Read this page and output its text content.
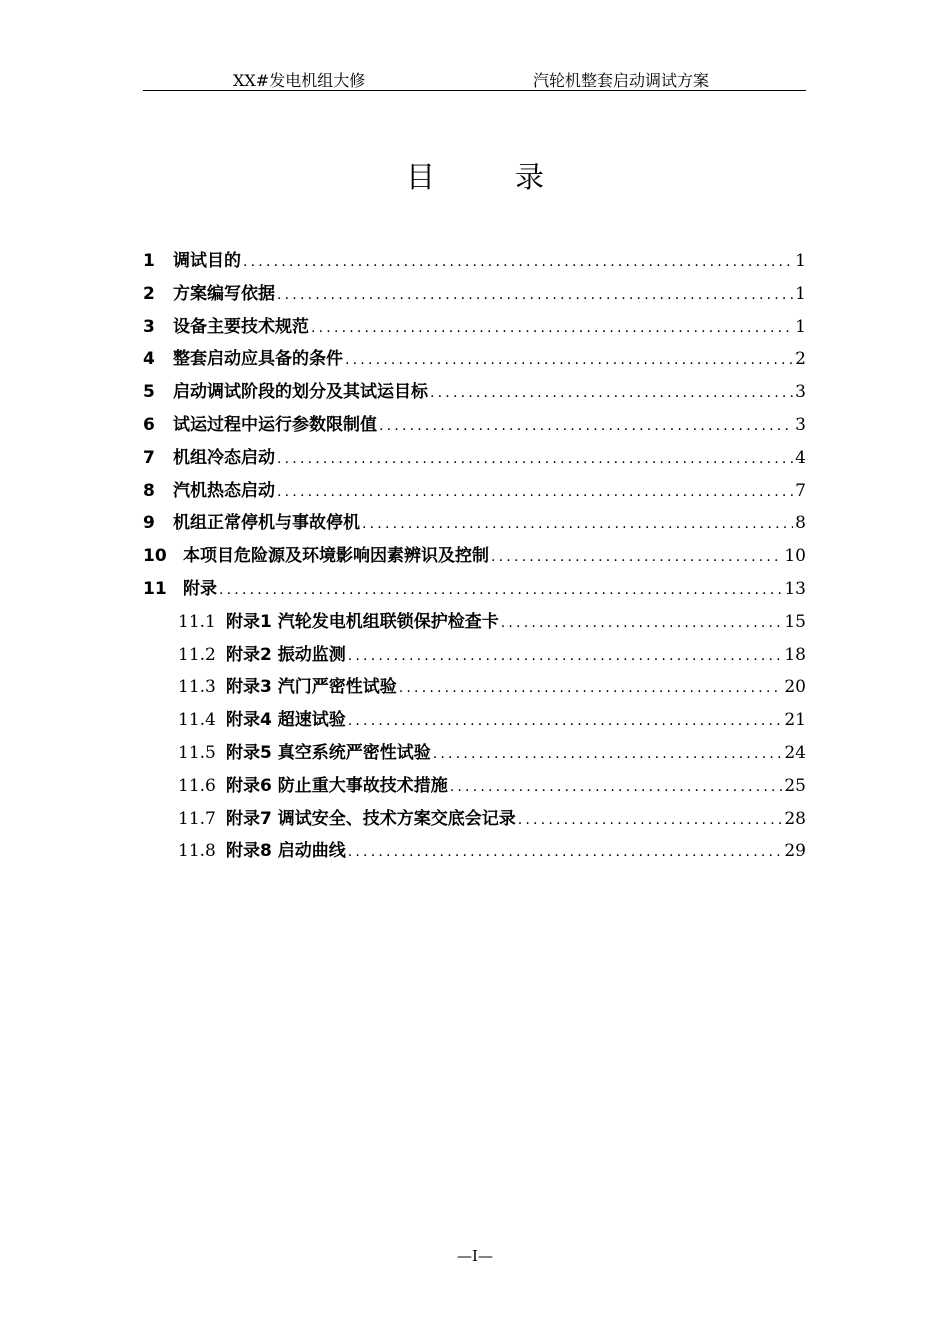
XX#发电机组大修	汽轮机整套启动调试方案
目录
1	调试目的 .....	1
2	方案编写依据 .....	1
3	设备主要技术规范 .....	1
4	整套启动应具备的条件 .....	2
5	启动调试阶段的划分及其试运目标 .....	3
6	试运过程中运行参数限制值 .....	3
7	机组冷态启动 .....	4
8	汽机热态启动 .....	7
9	机组正常停机与事故停机 .....	8
10 本项目危险源及环境影响因素辨识及控制 .....	10
11 附录 .....	13
11.1 附录1 汽轮发电机组联锁保护检查卡 .....	15
11.2 附录2 振动监测 .....	18
11.3 附录3 汽门严密性试验 .....	20
11.4 附录4 超速试验 .....	21
11.5 附录5 真空系统严密性试验 .....	24
11.6 附录6 防止重大事故技术措施 .....	25
11.7 附录7 调试安全、技术方案交底会记录 .....	28
11.8 附录8 启动曲线 .....	29
—I—
